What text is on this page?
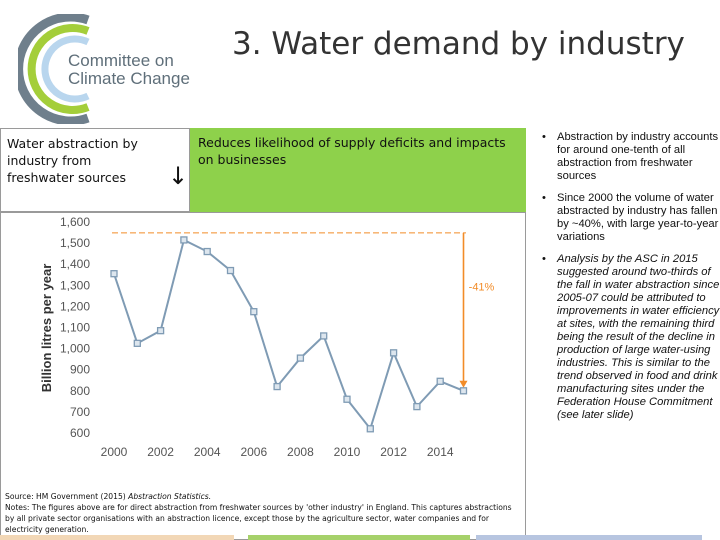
Committee on
Climate Change
3. Water demand by industry
Water abstraction by industry from freshwater sources	↓
Reduces likelihood of supply deficits and impacts on businesses
600
700
800
900
1,000
1,100
1,200
1,300
1,400
1,500
1,600
2000 2002 2004 2006 2008 2010 2012 2014
Billion litres per year	-41%
Source: HM Government (2015) Abstraction Statistics.
Notes: The figures above are for direct abstraction from freshwater sources by 'other industry' in England. This captures abstractions by all private sector organisations with an abstraction licence, except those by the agriculture sector, water companies and for electricity generation.
• Abstraction by industry accounts for around one-tenth of all abstraction from freshwater sources
• Since 2000 the volume of water abstracted by industry has fallen by ~40%, with large year-to-year variations
• Analysis by the ASC in 2015 suggested around two-thirds of the fall in water abstraction since 2005-07 could be attributed to improvements in water efficiency at sites, with the remaining third being the result of the decline in production of large water-using industries. This is similar to the trend observed in food and drink manufacturing sites under the Federation House Commitment (see later slide)
